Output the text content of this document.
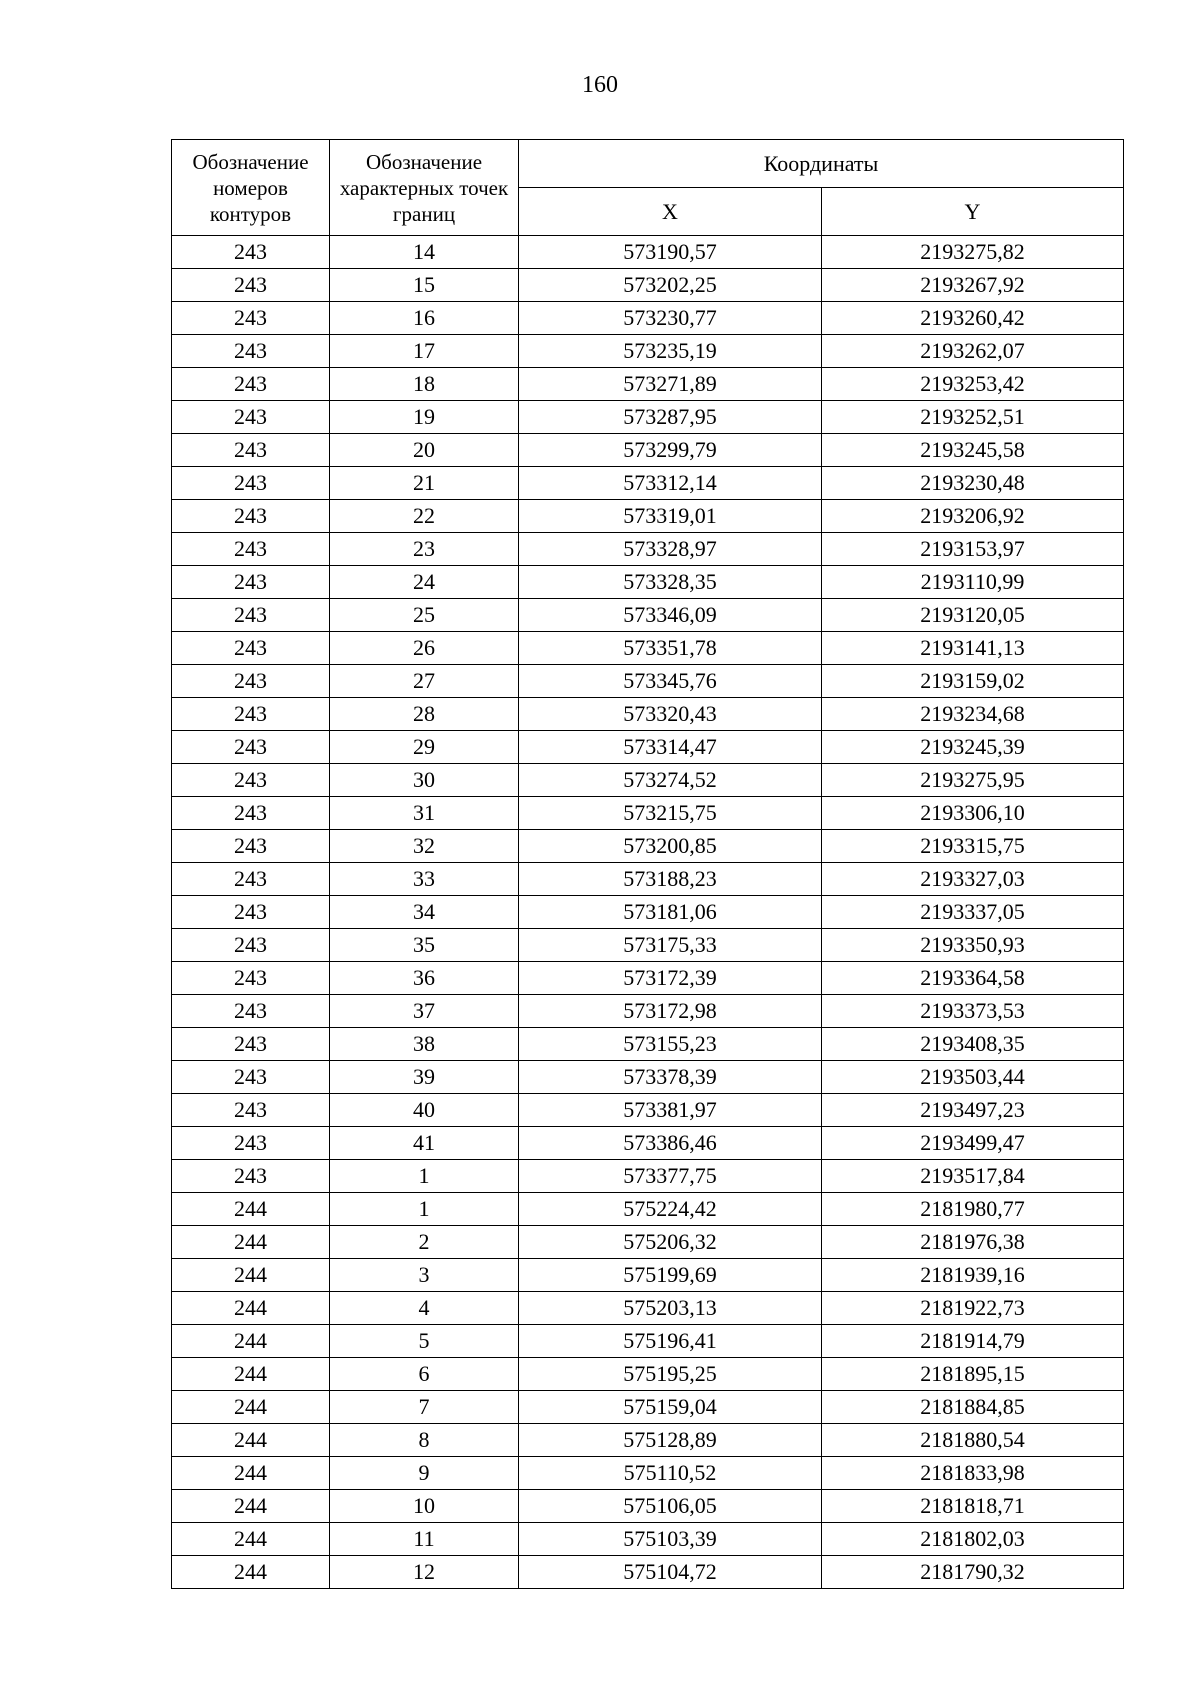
160
Обозначение номеров контуров	Обозначение характерных точек границ	Координаты	
		X	Y
243	14	573190,57	2193275,82
243	15	573202,25	2193267,92
243	16	573230,77	2193260,42
243	17	573235,19	2193262,07
243	18	573271,89	2193253,42
243	19	573287,95	2193252,51
243	20	573299,79	2193245,58
243	21	573312,14	2193230,48
243	22	573319,01	2193206,92
243	23	573328,97	2193153,97
243	24	573328,35	2193110,99
243	25	573346,09	2193120,05
243	26	573351,78	2193141,13
243	27	573345,76	2193159,02
243	28	573320,43	2193234,68
243	29	573314,47	2193245,39
243	30	573274,52	2193275,95
243	31	573215,75	2193306,10
243	32	573200,85	2193315,75
243	33	573188,23	2193327,03
243	34	573181,06	2193337,05
243	35	573175,33	2193350,93
243	36	573172,39	2193364,58
243	37	573172,98	2193373,53
243	38	573155,23	2193408,35
243	39	573378,39	2193503,44
243	40	573381,97	2193497,23
243	41	573386,46	2193499,47
243	1	573377,75	2193517,84
244	1	575224,42	2181980,77
244	2	575206,32	2181976,38
244	3	575199,69	2181939,16
244	4	575203,13	2181922,73
244	5	575196,41	2181914,79
244	6	575195,25	2181895,15
244	7	575159,04	2181884,85
244	8	575128,89	2181880,54
244	9	575110,52	2181833,98
244	10	575106,05	2181818,71
244	11	575103,39	2181802,03
244	12	575104,72	2181790,32
